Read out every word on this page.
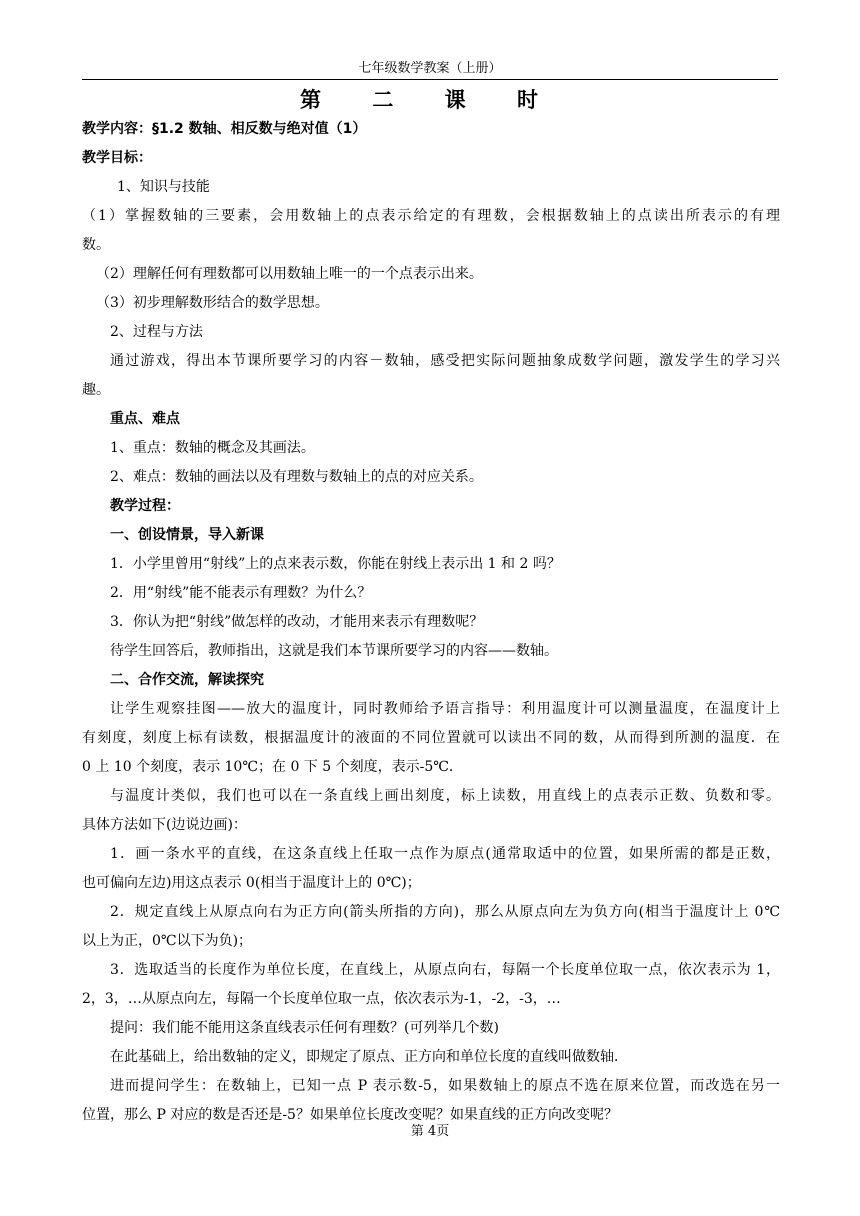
七年级数学教案（上册）
第 二 课 时

教学内容：§1.2 数轴、相反数与绝对值（1）

教学目标：

1、知识与技能

（1）掌握数轴的三要素，会用数轴上的点表示给定的有理数，会根据数轴上的点读出所表示的有理

数。

（2）理解任何有理数都可以用数轴上唯一的一个点表示出来。

（3）初步理解数形结合的数学思想。

2、过程与方法

通过游戏，得出本节课所要学习的内容－数轴，感受把实际问题抽象成数学问题，激发学生的学习兴

趣。

重点、难点

1、重点：数轴的概念及其画法。

2、难点：数轴的画法以及有理数与数轴上的点的对应关系。

教学过程：

一、创设情景，导入新课

1．小学里曾用“射线”上的点来表示数，你能在射线上表示出 1 和 2 吗？

2．用“射线”能不能表示有理数？为什么？

3．你认为把“射线”做怎样的改动，才能用来表示有理数呢？

待学生回答后，教师指出，这就是我们本节课所要学习的内容——数轴。

二、合作交流，解读探究

让学生观察挂图——放大的温度计，同时教师给予语言指导：利用温度计可以测量温度，在温度计上

有刻度，刻度上标有读数，根据温度计的液面的不同位置就可以读出不同的数，从而得到所测的温度．在

0 上 10 个刻度，表示 10℃；在 0 下 5 个刻度，表示-5℃．

与温度计类似，我们也可以在一条直线上画出刻度，标上读数，用直线上的点表示正数、负数和零。

具体方法如下(边说边画)：

1．画一条水平的直线，在这条直线上任取一点作为原点(通常取适中的位置，如果所需的都是正数，

也可偏向左边)用这点表示 0(相当于温度计上的 0℃)；

2．规定直线上从原点向右为正方向(箭头所指的方向)，那么从原点向左为负方向(相当于温度计上 0℃

以上为正，0℃以下为负)；

3．选取适当的长度作为单位长度，在直线上，从原点向右，每隔一个长度单位取一点，依次表示为 1，

2，3，…从原点向左，每隔一个长度单位取一点，依次表示为-1，-2，-3，…

提问：我们能不能用这条直线表示任何有理数？(可列举几个数)

在此基础上，给出数轴的定义，即规定了原点、正方向和单位长度的直线叫做数轴．

进而提问学生：在数轴上，已知一点 P 表示数-5，如果数轴上的原点不选在原来位置，而改选在另一

位置，那么 P 对应的数是否还是-5？如果单位长度改变呢？如果直线的正方向改变呢？

第 4页
